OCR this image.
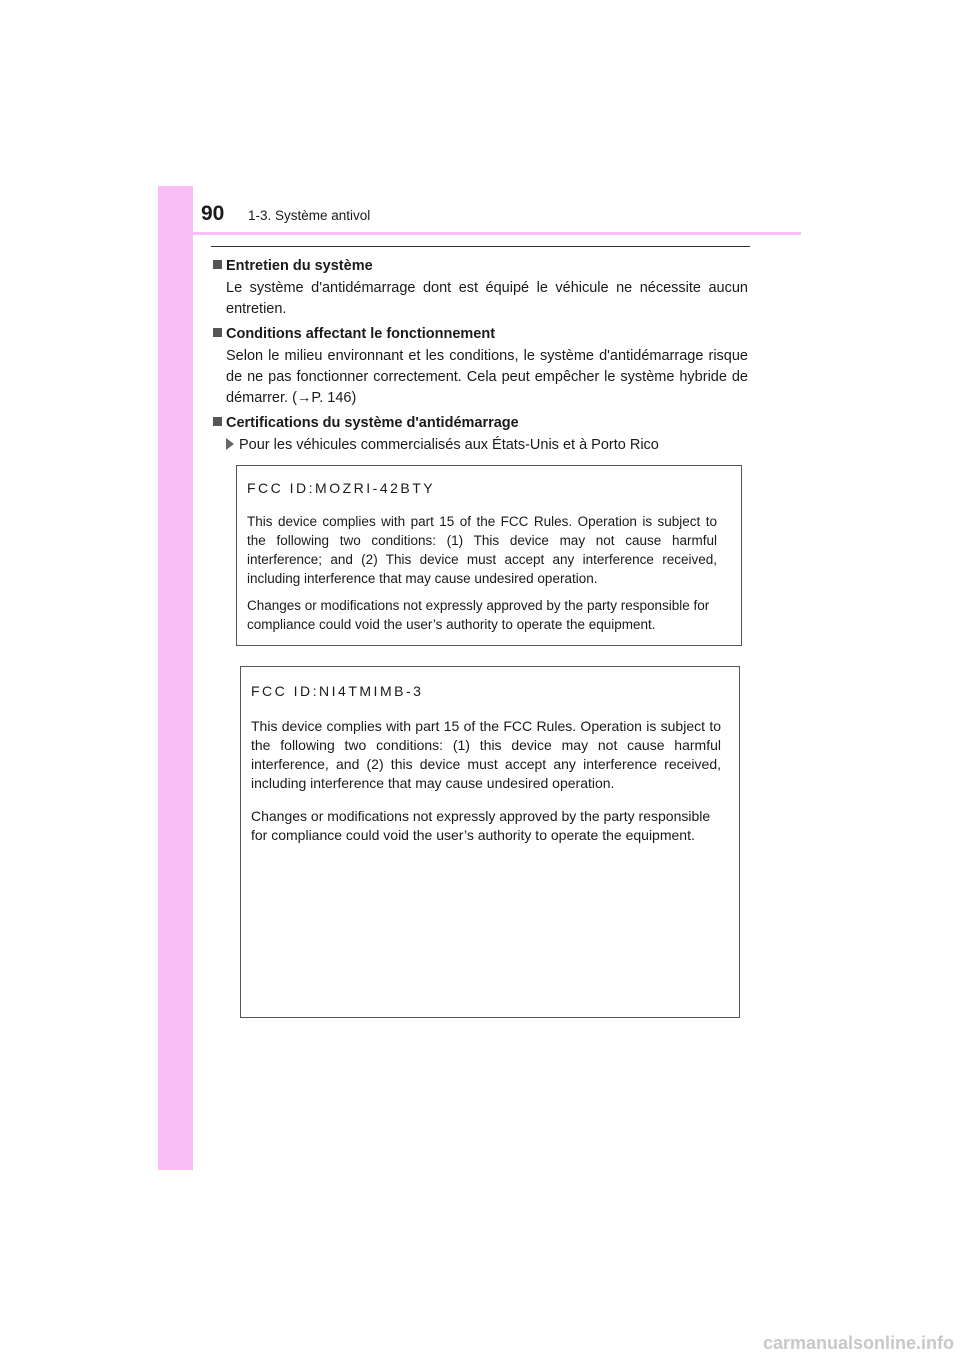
90 1-3. Système antivol

Entretien du système

Le système d'antidémarrage dont est équipé le véhicule ne nécessite aucun entretien.

Conditions affectant le fonctionnement

Selon le milieu environnant et les conditions, le système d'antidémarrage risque de ne pas fonctionner correctement. Cela peut empêcher le système hybride de démarrer. (→P. 146)

Certifications du système d'antidémarrage

Pour les véhicules commercialisés aux États-Unis et à Porto Rico

FCC ID:MOZRI-42BTY

This device complies with part 15 of the FCC Rules. Operation is subject to the following two conditions: (1) This device may not cause harmful interference; and (2) This device must accept any interference received, including interference that may cause undesired operation.

Changes or modifications not expressly approved by the party responsible for compliance could void the user’s authority to operate the equipment.

FCC ID:NI4TMIMB-3

This device complies with part 15 of the FCC Rules. Operation is subject to the following two conditions: (1) this device may not cause harmful interference, and (2) this device must accept any interference received, including interference that may cause undesired operation.

Changes or modifications not expressly approved by the party responsible for compliance could void the user’s authority to operate the equipment.

carmanualsonline.info
